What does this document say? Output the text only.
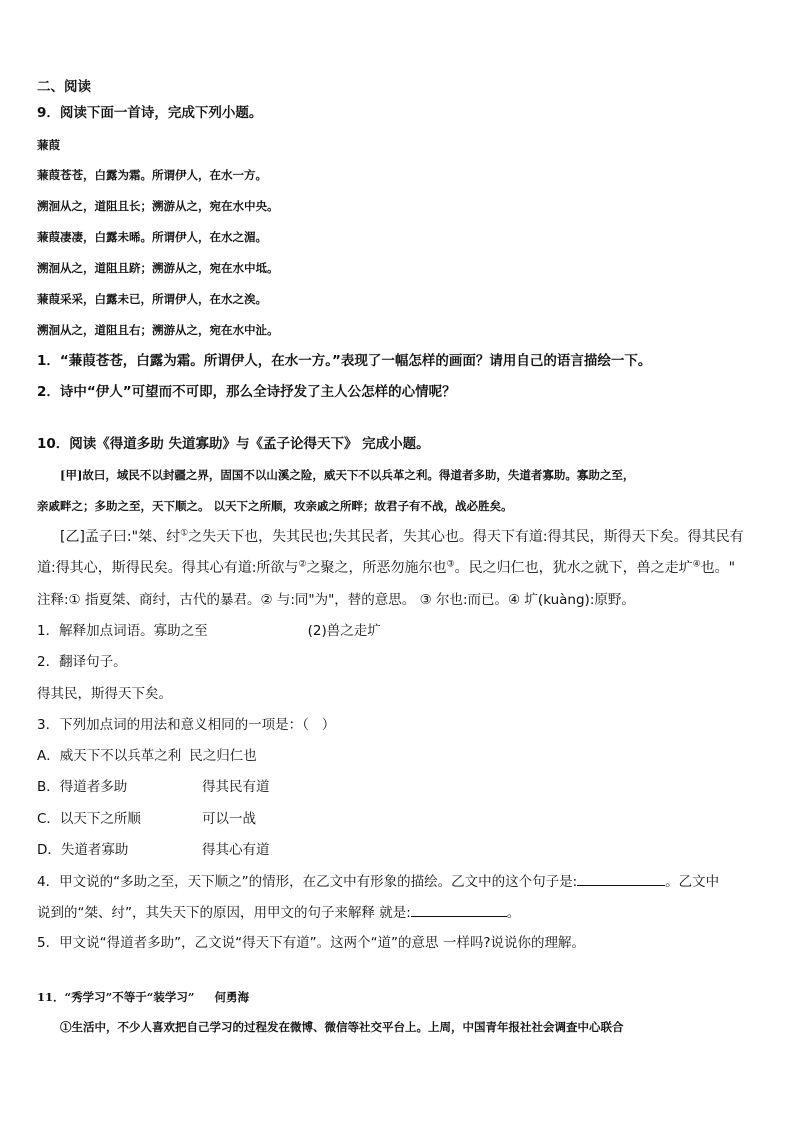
二、阅读
9．阅读下面一首诗，完成下列小题。
蒹葭
蒹葭苍苍，白露为霜。所谓伊人，在水一方。
溯洄从之，道阻且长；溯游从之，宛在水中央。
蒹葭凄凄，白露未晞。所谓伊人，在水之湄。
溯洄从之，道阻且跻；溯游从之，宛在水中坻。
蒹葭采采，白露未已，所谓伊人，在水之涘。
溯洄从之，道阻且右；溯游从之，宛在水中沚。
1．“蒹葭苍苍，白露为霜。所谓伊人，在水一方。”表现了一幅怎样的画面？请用自己的语言描绘一下。
2．诗中“伊人”可望而不可即，那么全诗抒发了主人公怎样的心情呢？
10．阅读《得道多助 失道寡助》与《孟子论得天下》 完成小题。
[甲]故曰，域民不以封疆之界，固国不以山溪之险，威天下不以兵革之利。得道者多助，失道者寡助。寡助之至，
亲戚畔之；多助之至，天下顺之。 以天下之所顺，攻亲戚之所畔；故君子有不战，战必胜矣。
[乙]孟子曰:"桀、纣①之失天下也，失其民也;失其民者，失其心也。得天下有道:得其民，斯得天下矣。得其民有
道:得其心，斯得民矣。得其心有道:所欲与②之聚之，所恶勿施尔也③。民之归仁也，犹水之就下，兽之走圹④也。"
注释:① 指夏桀、商纣，古代的暴君。② 与:同"为"，替的意思。 ③ 尔也:而已。④ 圹(kuàng):原野。
1．解释加点词语。寡助之至	(2)兽之走圹
2．翻译句子。
得其民，斯得天下矣。
3．下列加点词的用法和意义相同的一项是：（   ）
A．威天下不以兵革之利 民之归仁也
B．得道者多助	得其民有道
C．以天下之所顺	可以一战
D．失道者寡助	得其心有道
4．甲文说的“多助之至，天下顺之”的情形，在乙文中有形象的描绘。乙文中的这个句子是:	。乙文中
说到的“桀、纣”，其失天下的原因，用甲文的句子来解释 就是:	。
5．甲文说“得道者多助”，乙文说“得天下有道”。这两个“道”的意思 一样吗?说说你的理解。
11．“秀学习”不等于“装学习”     何勇海
①生活中，不少人喜欢把自己学习的过程发在微博、微信等社交平台上。上周，中国青年报社社会调查中心联合
